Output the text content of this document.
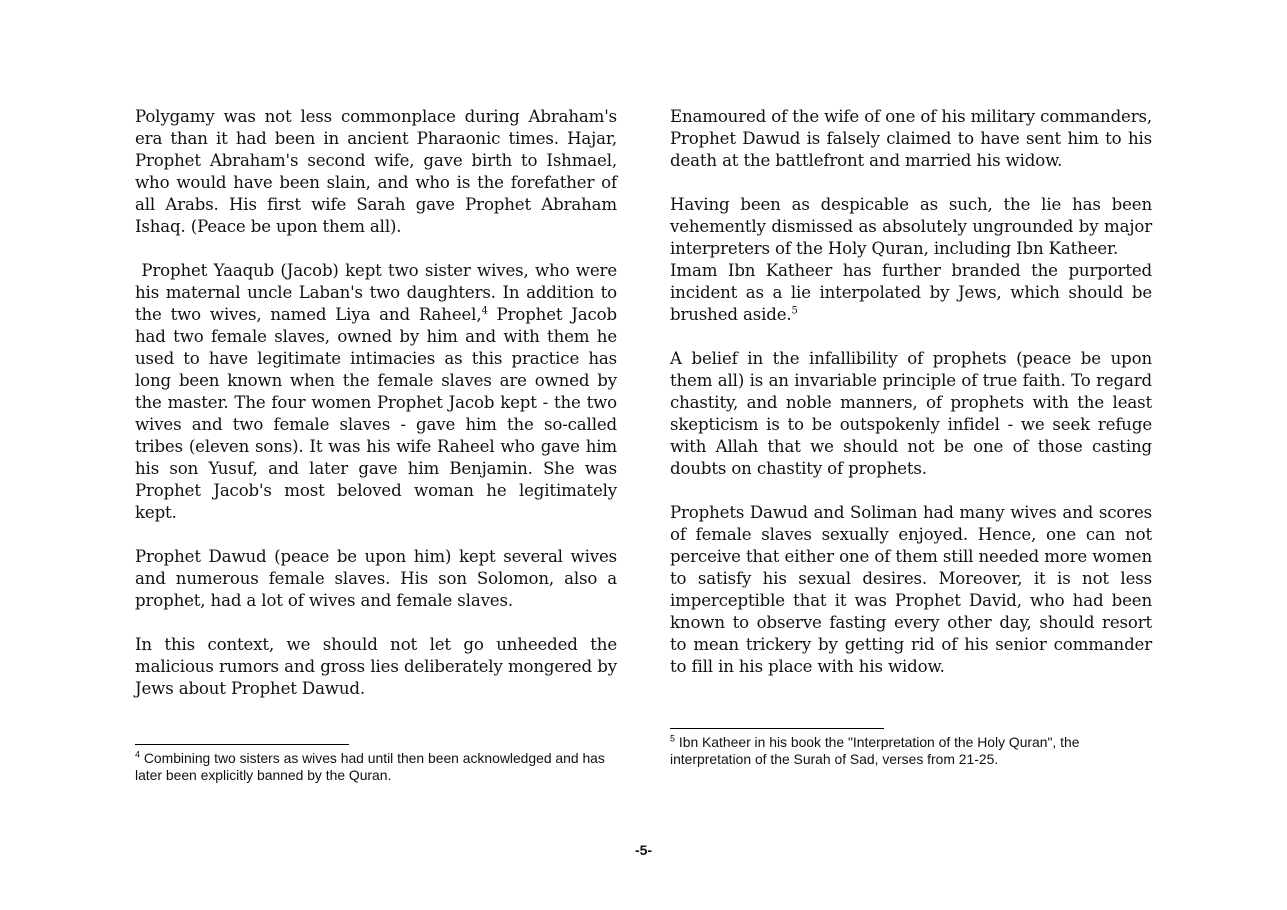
Polygamy was not less commonplace during Abraham's era than it had been in ancient Pharaonic times. Hajar, Prophet Abraham's second wife, gave birth to Ishmael, who would have been slain, and who is the forefather of all Arabs. His first wife Sarah gave Prophet Abraham Ishaq. (Peace be upon them all).

Prophet Yaaqub (Jacob) kept two sister wives, who were his maternal uncle Laban's two daughters. In addition to the two wives, named Liya and Raheel,$^4$ Prophet Jacob had two female slaves, owned by him and with them he used to have legitimate intimacies as this practice has long been known when the female slaves are owned by the master. The four women Prophet Jacob kept - the two wives and two female slaves - gave him the so-called tribes (eleven sons). It was his wife Raheel who gave him his son Yusuf, and later gave him Benjamin. She was Prophet Jacob's most beloved woman he legitimately kept.

Prophet Dawud (peace be upon him) kept several wives and numerous female slaves. His son Solomon, also a prophet, had a lot of wives and female slaves.

In this context, we should not let go unheeded the malicious rumors and gross lies deliberately mongered by Jews about Prophet Dawud.

Enamoured of the wife of one of his military commanders, Prophet Dawud is falsely claimed to have sent him to his death at the battlefront and married his widow.

Having been as despicable as such, the lie has been vehemently dismissed as absolutely ungrounded by major interpreters of the Holy Quran, including Ibn Katheer.

Imam Ibn Katheer has further branded the purported incident as a lie interpolated by Jews, which should be brushed aside.$^5$

A belief in the infallibility of prophets (peace be upon them all) is an invariable principle of true faith. To regard chastity, and noble manners, of prophets with the least skepticism is to be outspokenly infidel - we seek refuge with Allah that we should not be one of those casting doubts on chastity of prophets.

Prophets Dawud and Soliman had many wives and scores of female slaves sexually enjoyed. Hence, one can not perceive that either one of them still needed more women to satisfy his sexual desires. Moreover, it is not less imperceptible that it was Prophet David, who had been known to observe fasting every other day, should resort to mean trickery by getting rid of his senior commander to fill in his place with his widow.

$^4$ Combining two sisters as wives had until then been acknowledged and has later been explicitly banned by the Quran.
$^5$ Ibn Katheer in his book the "Interpretation of the Holy Quran", the interpretation of the Surah of Sad, verses from 21-25.
-5-
